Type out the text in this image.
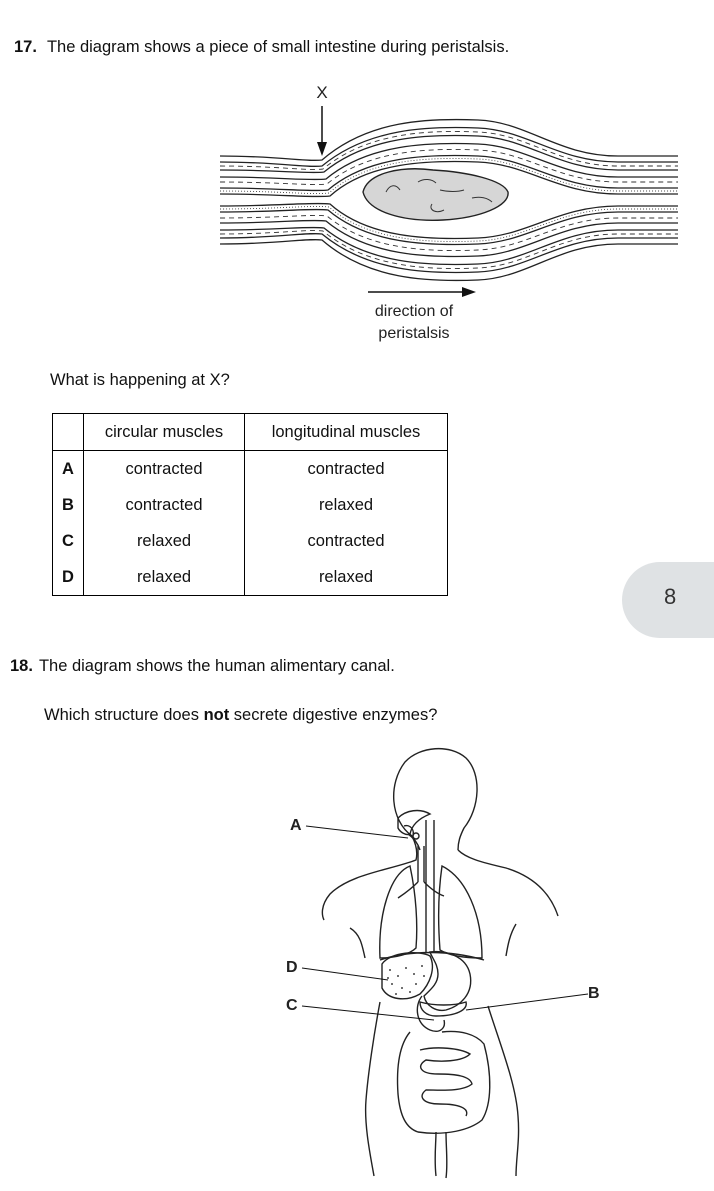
17. The diagram shows a piece of small intestine during peristalsis.
X
direction of
peristalsis
What is happening at X?
	circular muscles	longitudinal muscles
A	contracted	contracted
B	contracted	relaxed
C	relaxed	contracted
D	relaxed	relaxed
8
18. The diagram shows the human alimentary canal.
Which structure does not secrete digestive enzymes?
A
D
C
B
